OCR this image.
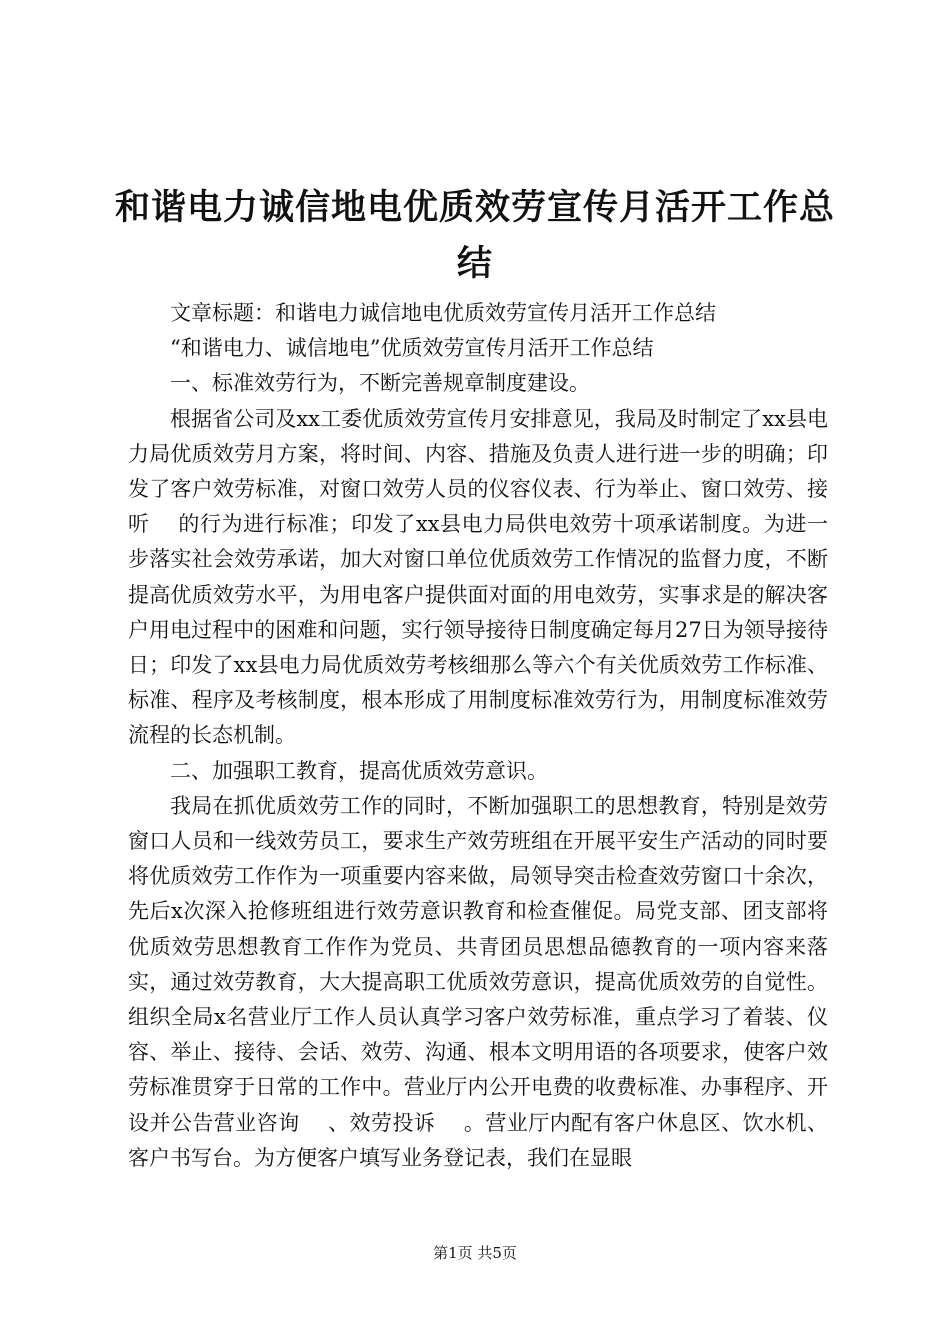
和谐电力诚信地电优质效劳宣传月活开工作总结

文章标题：和谐电力诚信地电优质效劳宣传月活开工作总结

“和谐电力、诚信地电”优质效劳宣传月活开工作总结

一、标准效劳行为，不断完善规章制度建设。

根据省公司及xx工委优质效劳宣传月安排意见，我局及时制定了xx县电力局优质效劳月方案，将时间、内容、措施及负责人进行进一步的明确；印发了客户效劳标准，对窗口效劳人员的仪容仪表、行为举止、窗口效劳、接听　 的行为进行标准；印发了xx县电力局供电效劳十项承诺制度。为进一步落实社会效劳承诺，加大对窗口单位优质效劳工作情况的监督力度，不断提高优质效劳水平，为用电客户提供面对面的用电效劳，实事求是的解决客户用电过程中的困难和问题，实行领导接待日制度确定每月27日为领导接待日；印发了xx县电力局优质效劳考核细那么等六个有关优质效劳工作标准、标准、程序及考核制度，根本形成了用制度标准效劳行为，用制度标准效劳流程的长态机制。

二、加强职工教育，提高优质效劳意识。

我局在抓优质效劳工作的同时，不断加强职工的思想教育，特别是效劳窗口人员和一线效劳员工，要求生产效劳班组在开展平安生产活动的同时要将优质效劳工作作为一项重要内容来做，局领导突击检查效劳窗口十余次，先后x次深入抢修班组进行效劳意识教育和检查催促。局党支部、团支部将优质效劳思想教育工作作为党员、共青团员思想品德教育的一项内容来落实，通过效劳教育，大大提高职工优质效劳意识，提高优质效劳的自觉性。组织全局x名营业厅工作人员认真学习客户效劳标准，重点学习了着装、仪容、举止、接待、会话、效劳、沟通、根本文明用语的各项要求，使客户效劳标准贯穿于日常的工作中。营业厅内公开电费的收费标准、办事程序、开设并公告营业咨询　 、效劳投诉　 。营业厅内配有客户休息区、饮水机、客户书写台。为方便客户填写业务登记表，我们在显眼

第1页 共5页
